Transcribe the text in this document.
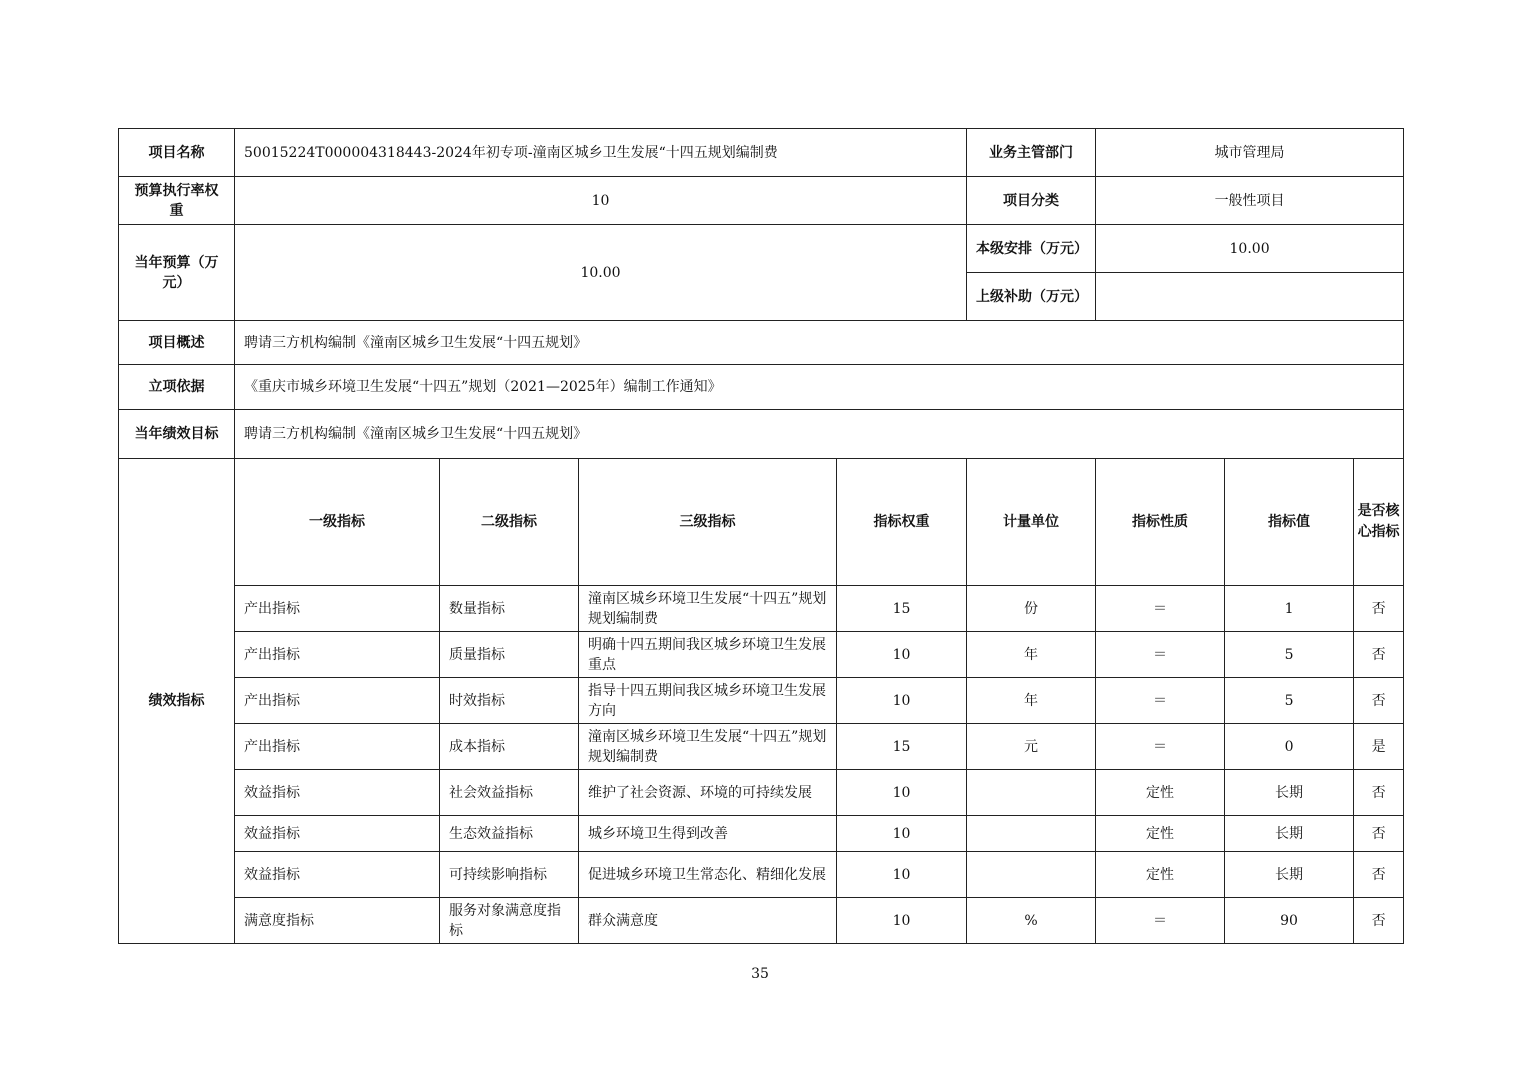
项目名称	50015224T000004318443-2024年初专项-潼南区城乡卫生发展“十四五规划编制费				业务主管部门	城市管理局		
预算执行率权重	10				项目分类	一般性项目		
当年预算（万元）	10.00				本级安排（万元）	10.00		
					上级补助（万元）			
项目概述	聘请三方机构编制《潼南区城乡卫生发展“十四五规划》							
立项依据	《重庆市城乡环境卫生发展“十四五”规划（2021—2025年）编制工作通知》							
当年绩效目标	聘请三方机构编制《潼南区城乡卫生发展“十四五规划》							
绩效指标	一级指标	二级指标	三级指标	指标权重	计量单位	指标性质	指标值	是否核心指标
	产出指标	数量指标	潼南区城乡环境卫生发展“十四五”规划规划编制费	15	份	＝	1	否
	产出指标	质量指标	明确十四五期间我区城乡环境卫生发展重点	10	年	＝	5	否
	产出指标	时效指标	指导十四五期间我区城乡环境卫生发展方向	10	年	＝	5	否
	产出指标	成本指标	潼南区城乡环境卫生发展“十四五”规划规划编制费	15	元	＝	0	是
	效益指标	社会效益指标	维护了社会资源、环境的可持续发展	10		定性	长期	否
	效益指标	生态效益指标	城乡环境卫生得到改善	10		定性	长期	否
	效益指标	可持续影响指标	促进城乡环境卫生常态化、精细化发展	10		定性	长期	否
	满意度指标	服务对象满意度指标	群众满意度	10	%	＝	90	否
35
